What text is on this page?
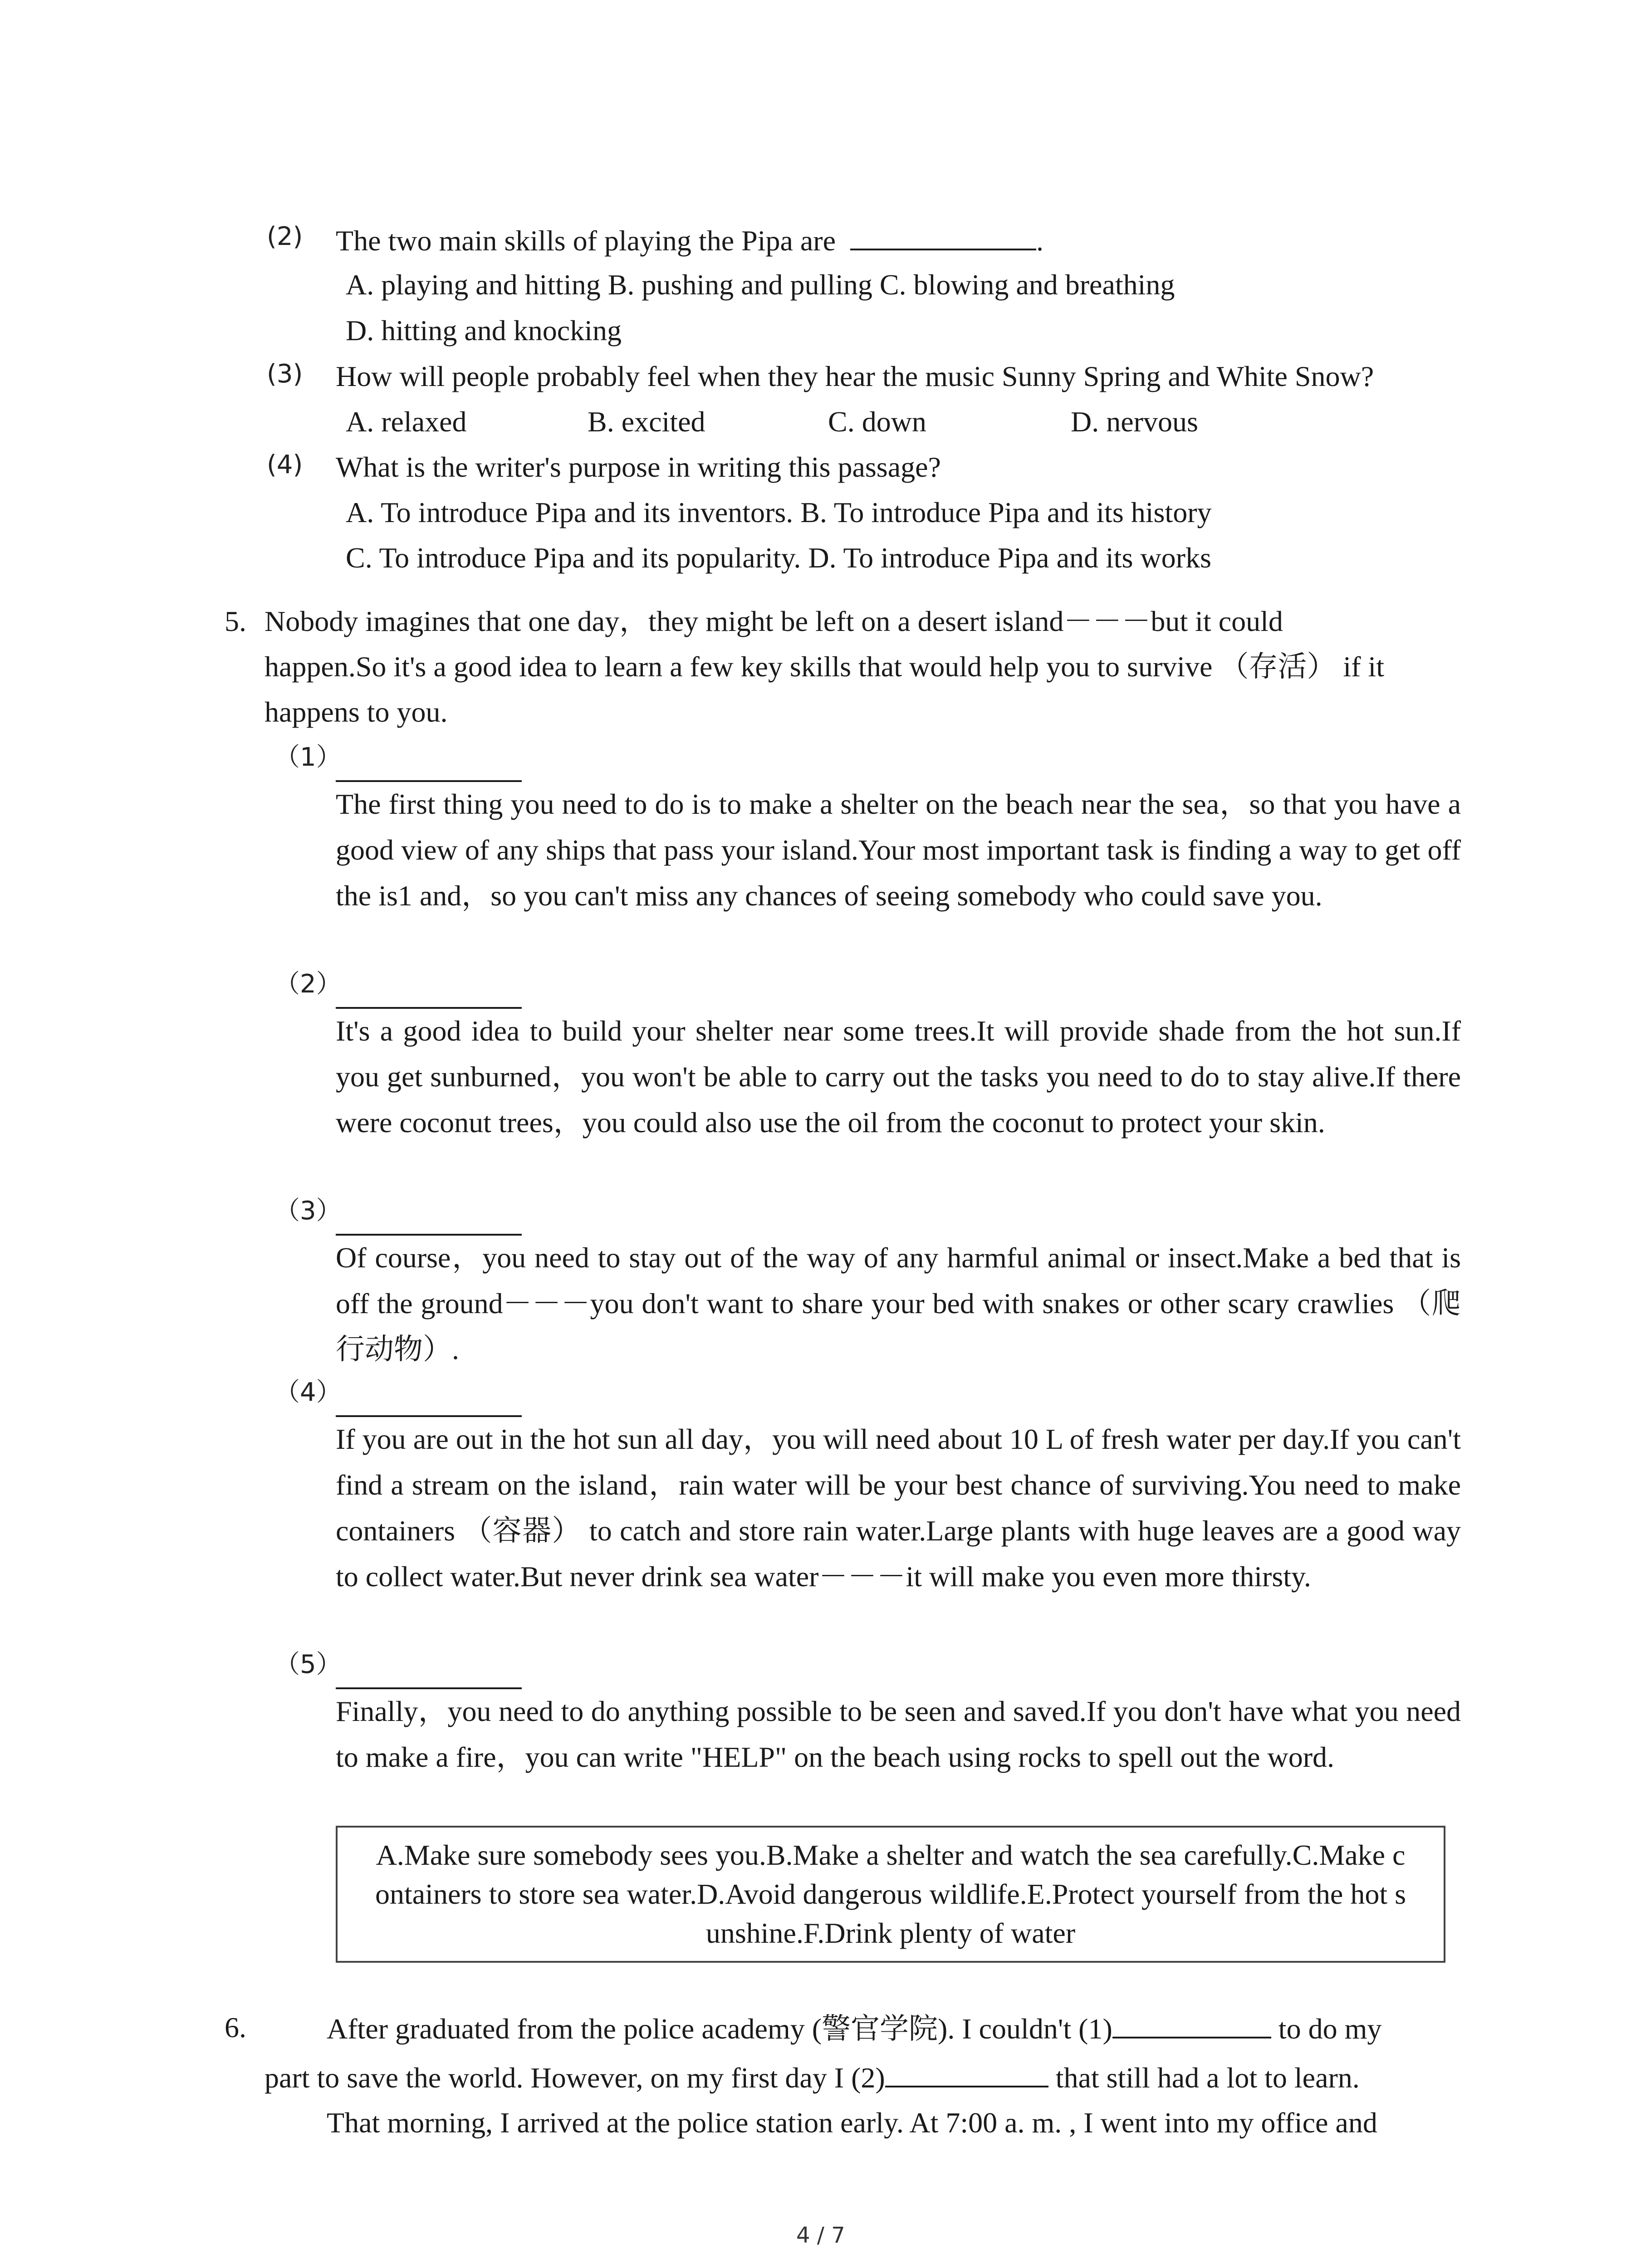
(2) The two main skills of playing the Pipa are	.
A. playing and hitting B. pushing and pulling C. blowing and breathing
D. hitting and knocking
(3) How will people probably feel when they hear the music Sunny Spring and White Snow?
A. relaxed	B. excited	C. down	D. nervous
(4) What is the writer's purpose in writing this passage?
A. To introduce Pipa and its inventors. B. To introduce Pipa and its history
C. To introduce Pipa and its popularity. D. To introduce Pipa and its works
5. Nobody imagines that one day，they might be left on a desert island－－－but it could
happen.So it's a good idea to learn a few key skills that would help you to survive （存活） if it
happens to you.
（1）

The first thing you need to do is to make a shelter on the beach near the sea，so that you have a good view of any ships that pass your island.Your most important task is finding a way to get off the is1 and，so you can't miss any chances of seeing somebody who could save you.

（2）

It's a good idea to build your shelter near some trees.It will provide shade from the hot sun.If you get sunburned，you won't be able to carry out the tasks you need to do to stay alive.If there were coconut trees，you could also use the oil from the coconut to protect your skin.

（3）

Of course，you need to stay out of the way of any harmful animal or insect.Make a bed that is off the ground－－－you don't want to share your bed with snakes or other scary crawlies （爬行动物）.

（4）

If you are out in the hot sun all day，you will need about 10 L of fresh water per day.If you can't find a stream on the island，rain water will be your best chance of surviving.You need to make containers （容器） to catch and store rain water.Large plants with huge leaves are a good way to collect water.But never drink sea water－－－it will make you even more thirsty.

（5）

Finally，you need to do anything possible to be seen and saved.If you don't have what you need to make a fire，you can write "HELP" on the beach using rocks to spell out the word.

A.Make sure somebody sees you.B.Make a shelter and watch the sea carefully.C.Make c
ontainers to store sea water.D.Avoid dangerous wildlife.E.Protect yourself from the hot s
unshine.F.Drink plenty of water
6.	After graduated from the police academy (警官学院). I couldn't (1)	to do my
part to save the world. However, on my first day I (2)	that still had a lot to learn.
That morning, I arrived at the police station early. At 7:00 a. m. , I went into my office and
4 / 7
